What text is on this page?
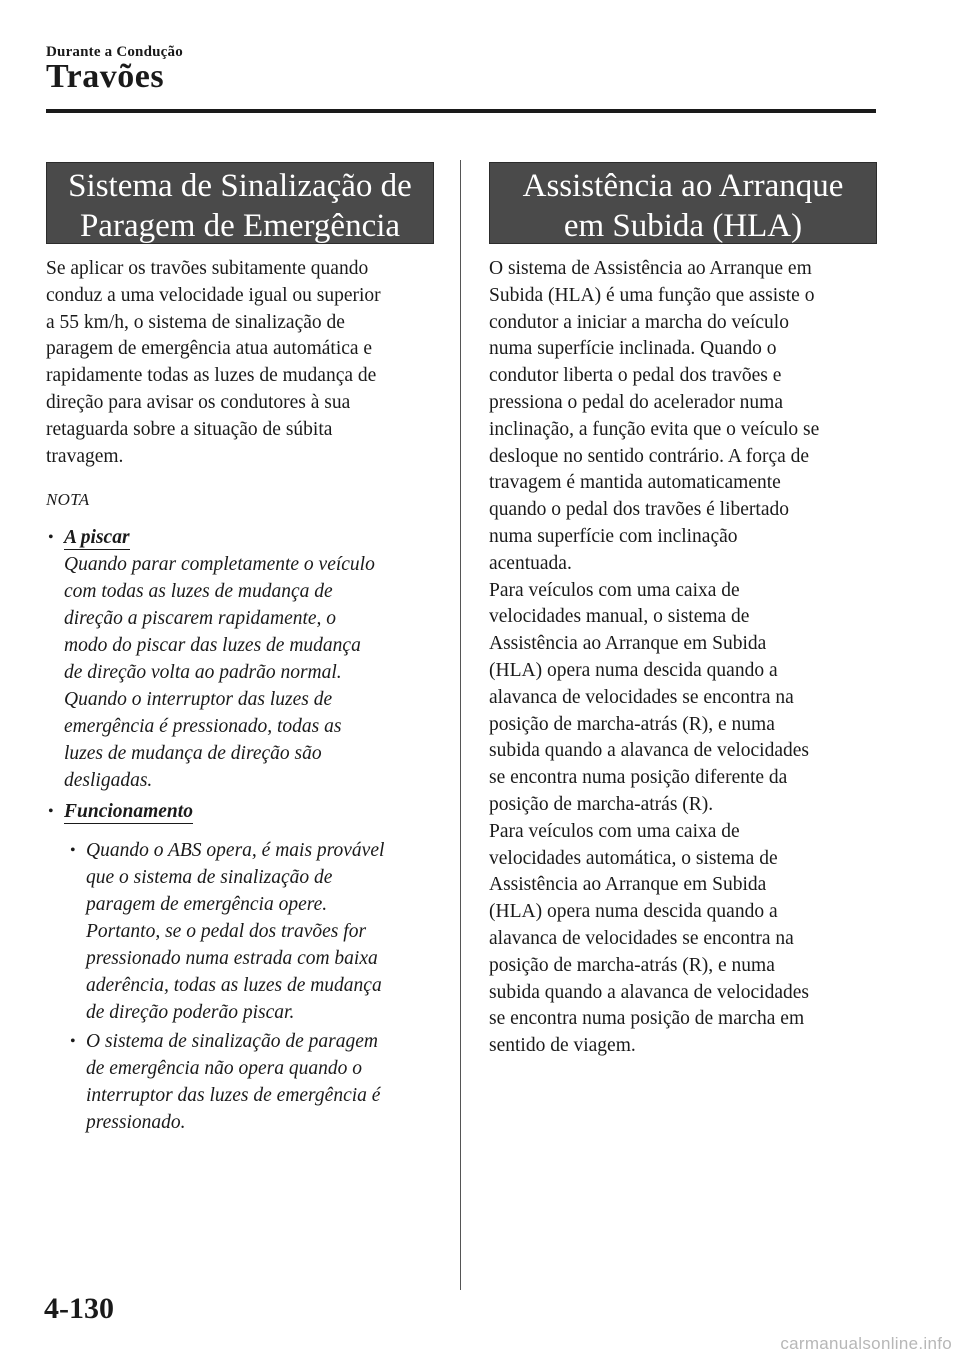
Durante a Condução
Travões
Sistema de Sinalização de
Paragem de Emergência
Se aplicar os travões subitamente quando
conduz a uma velocidade igual ou superior
a 55 km/h, o sistema de sinalização de
paragem de emergência atua automática e
rapidamente todas as luzes de mudança de
direção para avisar os condutores à sua
retaguarda sobre a situação de súbita
travagem.
NOTA
• A piscar
Quando parar completamente o veículo
com todas as luzes de mudança de
direção a piscarem rapidamente, o
modo do piscar das luzes de mudança
de direção volta ao padrão normal.
Quando o interruptor das luzes de
emergência é pressionado, todas as
luzes de mudança de direção são
desligadas.
• Funcionamento
• Quando o ABS opera, é mais provável
que o sistema de sinalização de
paragem de emergência opere.
Portanto, se o pedal dos travões for
pressionado numa estrada com baixa
aderência, todas as luzes de mudança
de direção poderão piscar.
• O sistema de sinalização de paragem
de emergência não opera quando o
interruptor das luzes de emergência é
pressionado.
Assistência ao Arranque
em Subida (HLA)
O sistema de Assistência ao Arranque em
Subida (HLA) é uma função que assiste o
condutor a iniciar a marcha do veículo
numa superfície inclinada. Quando o
condutor liberta o pedal dos travões e
pressiona o pedal do acelerador numa
inclinação, a função evita que o veículo se
desloque no sentido contrário. A força de
travagem é mantida automaticamente
quando o pedal dos travões é libertado
numa superfície com inclinação
acentuada.
Para veículos com uma caixa de
velocidades manual, o sistema de
Assistência ao Arranque em Subida
(HLA) opera numa descida quando a
alavanca de velocidades se encontra na
posição de marcha-atrás (R), e numa
subida quando a alavanca de velocidades
se encontra numa posição diferente da
posição de marcha-atrás (R).
Para veículos com uma caixa de
velocidades automática, o sistema de
Assistência ao Arranque em Subida
(HLA) opera numa descida quando a
alavanca de velocidades se encontra na
posição de marcha-atrás (R), e numa
subida quando a alavanca de velocidades
se encontra numa posição de marcha em
sentido de viagem.
4-130
carmanualsonline.info
